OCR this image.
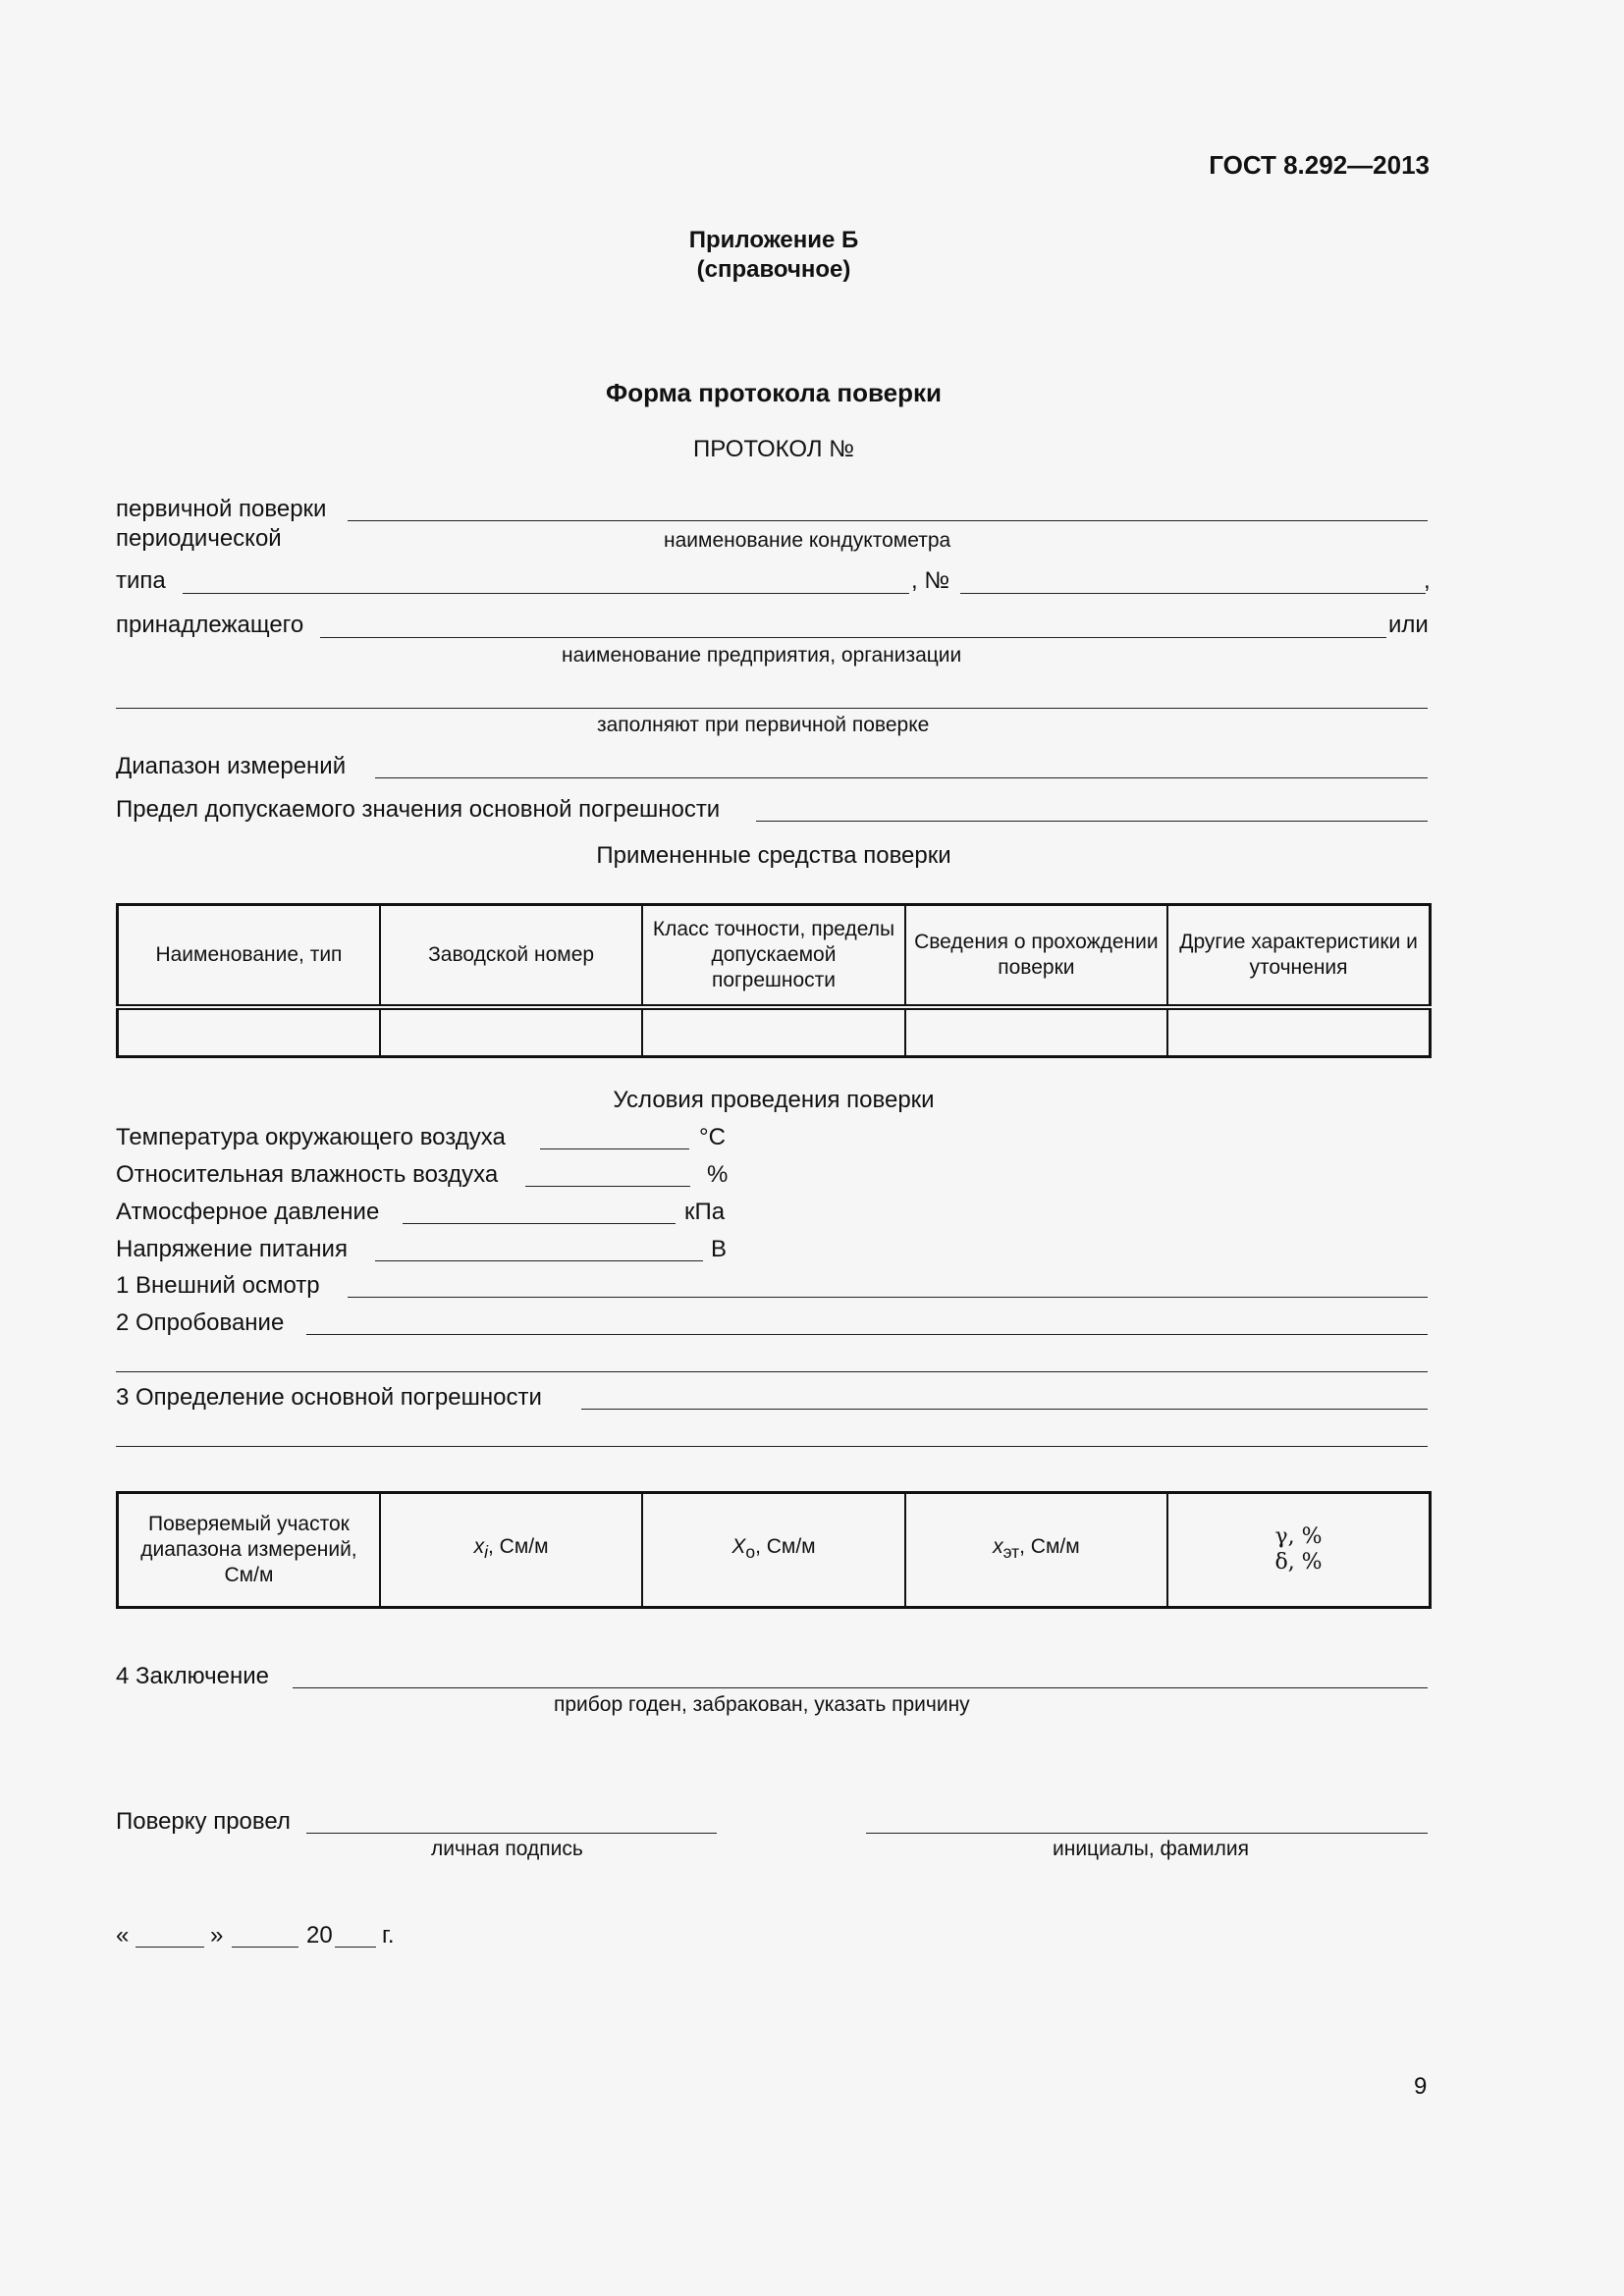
ГОСТ 8.292—2013
Приложение Б
(справочное)
Форма протокола поверки
ПРОТОКОЛ №
первичной поверки
периодической	наименование кондуктометра
типа	, №	,
принадлежащего	или
наименование предприятия, организации
заполняют при первичной поверке
Диапазон измерений
Предел допускаемого значения основной погрешности
Примененные средства поверки
Наименование, тип	Заводской номер	Класс точности, пределы допускаемой погрешности	Сведения о прохождении поверки	Другие характеристики и уточнения

Условия проведения поверки
Температура окружающего воздуха	°С
Относительная влажность воздуха	%
Атмосферное давление	кПа
Напряжение питания	В
1 Внешний осмотр
2 Опробование
3 Определение основной погрешности
Поверяемый участок диапазона измерений, См/м	$x_i$, См/м	$X_о$, См/м	$x_{эт}$, См/м	γ, %
δ, %
4 Заключение
прибор годен, забракован, указать причину
Поверку провел
личная подпись	инициалы, фамилия
«	»	20 г.
9
